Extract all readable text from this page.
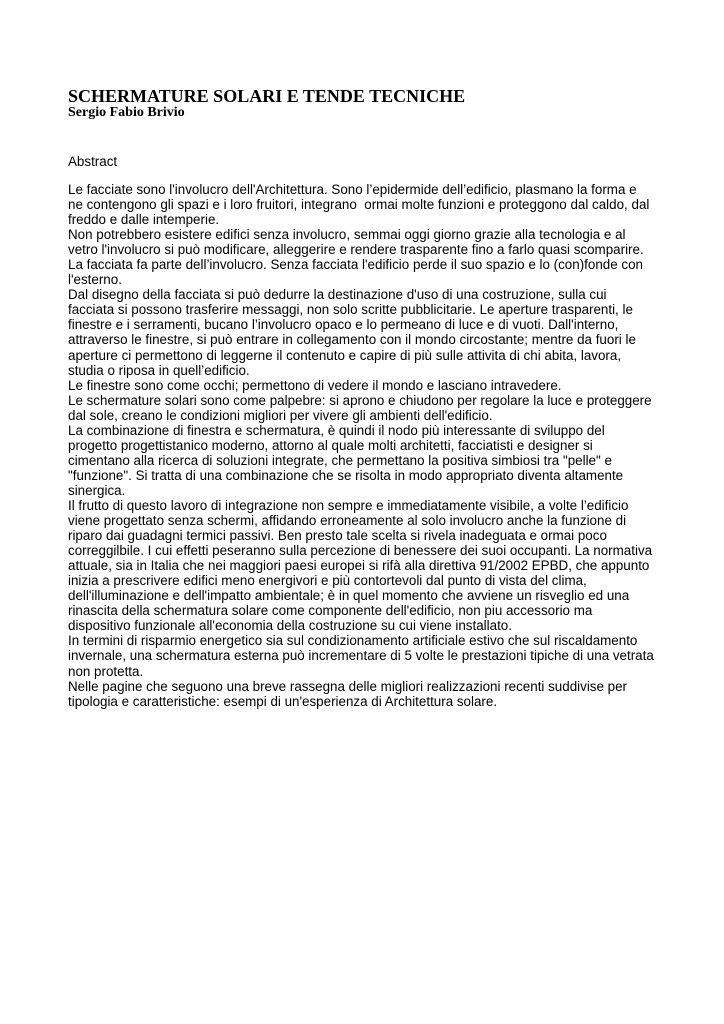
SCHERMATURE SOLARI E TENDE TECNICHE
Sergio Fabio Brivio
Abstract
Le facciate sono l'involucro dell'Architettura. Sono l’epidermide dell’edificio, plasmano la forma e
ne contengono gli spazi e i loro fruitori, integrano  ormai molte funzioni e proteggono dal caldo, dal
freddo e dalle intemperie.
Non potrebbero esistere edifici senza involucro, semmai oggi giorno grazie alla tecnologia e al
vetro l'involucro si può modificare, alleggerire e rendere trasparente fino a farlo quasi scomparire.
La facciata fa parte dell’involucro. Senza facciata l'edificio perde il suo spazio e lo (con)fonde con
l'esterno.
Dal disegno della facciata si può dedurre la destinazione d'uso di una costruzione, sulla cui
facciata si possono trasferire messaggi, non solo scritte pubblicitarie. Le aperture trasparenti, le
finestre e i serramenti, bucano l’involucro opaco e lo permeano di luce e di vuoti. Dall'interno,
attraverso le finestre, si può entrare in collegamento con il mondo circostante; mentre da fuori le
aperture ci permettono di leggerne il contenuto e capire di più sulle attivita di chi abita, lavora,
studia o riposa in quell’edificio.
Le finestre sono come occhi; permettono di vedere il mondo e lasciano intravedere.
Le schermature solari sono come palpebre: si aprono e chiudono per regolare la luce e proteggere
dal sole, creano le condizioni migliori per vivere gli ambienti dell'edificio.
La combinazione di finestra e schermatura, è quindi il nodo più interessante di sviluppo del
progetto progettistanico moderno, attorno al quale molti architetti, facciatisti e designer si
cimentano alla ricerca di soluzioni integrate, che permettano la positiva simbiosi tra "pelle" e
"funzione". Si tratta di una combinazione che se risolta in modo appropriato diventa altamente
sinergica.
Il frutto di questo lavoro di integrazione non sempre e immediatamente visibile, a volte l’edificio
viene progettato senza schermi, affidando erroneamente al solo involucro anche la funzione di
riparo dai guadagni termici passivi. Ben presto tale scelta si rivela inadeguata e ormai poco
correggilbile. I cui effetti peseranno sulla percezione di benessere dei suoi occupanti. La normativa
attuale, sia in Italia che nei maggiori paesi europei si rifà alla direttiva 91/2002 EPBD, che appunto
inizia a prescrivere edifici meno energivori e più contortevoli dal punto di vista del clima,
dell'illuminazione e dell'impatto ambientale; è in quel momento che avviene un risveglio ed una
rinascita della schermatura solare come componente dell'edificio, non piu accessorio ma
dispositivo funzionale all'economia della costruzione su cui viene installato.
In termini di risparmio energetico sia sul condizionamento artificiale estivo che sul riscaldamento
invernale, una schermatura esterna può incrementare di 5 volte le prestazioni tipiche di una vetrata
non protetta.
Nelle pagine che seguono una breve rassegna delle migliori realizzazioni recenti suddivise per
tipologia e caratteristiche: esempi di un'esperienza di Architettura solare.
